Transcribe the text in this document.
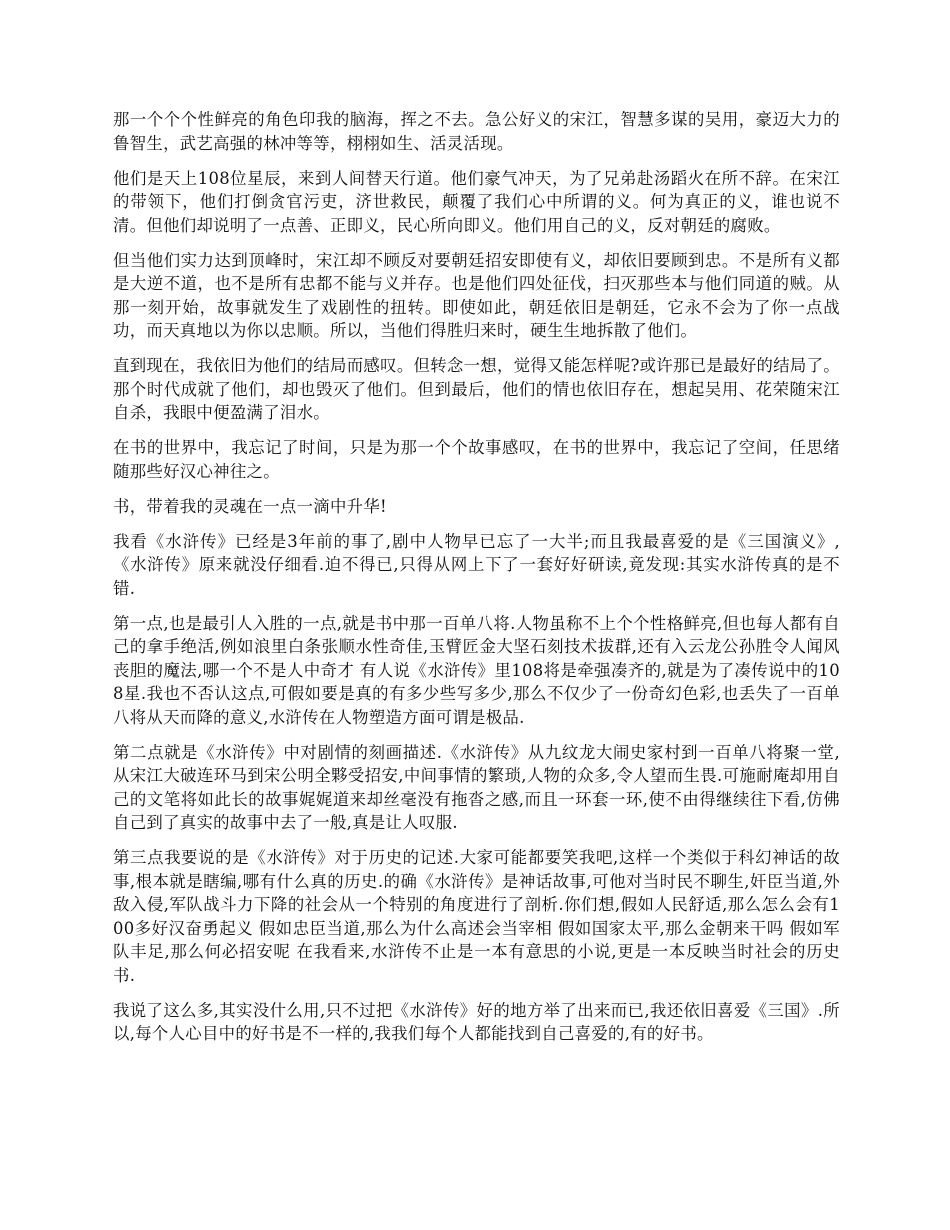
那一个个个性鲜亮的角色印我的脑海，挥之不去。急公好义的宋江，智慧多谋的吴用，豪迈大力的鲁智生，武艺高强的林冲等等，栩栩如生、活灵活现。

他们是天上108位星辰，来到人间替天行道。他们豪气冲天，为了兄弟赴汤蹈火在所不辞。在宋江的带领下，他们打倒贪官污吏，济世救民，颠覆了我们心中所谓的义。何为真正的义，谁也说不清。但他们却说明了一点善、正即义，民心所向即义。他们用自己的义，反对朝廷的腐败。

但当他们实力达到顶峰时，宋江却不顾反对要朝廷招安即使有义，却依旧要顾到忠。不是所有义都是大逆不道，也不是所有忠都不能与义并存。也是他们四处征伐，扫灭那些本与他们同道的贼。从那一刻开始，故事就发生了戏剧性的扭转。即使如此，朝廷依旧是朝廷，它永不会为了你一点战功，而天真地以为你以忠顺。所以，当他们得胜归来时，硬生生地拆散了他们。

直到现在，我依旧为他们的结局而感叹。但转念一想，觉得又能怎样呢?或许那已是最好的结局了。那个时代成就了他们，却也毁灭了他们。但到最后，他们的情也依旧存在，想起吴用、花荣随宋江自杀，我眼中便盈满了泪水。

在书的世界中，我忘记了时间，只是为那一个个故事感叹，在书的世界中，我忘记了空间，任思绪随那些好汉心神往之。

书，带着我的灵魂在一点一滴中升华!

我看《水浒传》已经是3年前的事了,剧中人物早已忘了一大半;而且我最喜爱的是《三国演义》,《水浒传》原来就没仔细看.迫不得已,只得从网上下了一套好好研读,竟发现:其实水浒传真的是不错.

第一点,也是最引人入胜的一点,就是书中那一百单八将.人物虽称不上个个性格鲜亮,但也每人都有自己的拿手绝活,例如浪里白条张顺水性奇佳,玉臂匠金大坚石刻技术拔群,还有入云龙公孙胜令人闻风丧胆的魔法,哪一个不是人中奇才 有人说《水浒传》里108将是牵强凑齐的,就是为了凑传说中的108星.我也不否认这点,可假如要是真的有多少些写多少,那么不仅少了一份奇幻色彩,也丢失了一百单八将从天而降的意义,水浒传在人物塑造方面可谓是极品.

第二点就是《水浒传》中对剧情的刻画描述.《水浒传》从九纹龙大闹史家村到一百单八将聚一堂,从宋江大破连环马到宋公明全夥受招安,中间事情的繁琐,人物的众多,令人望而生畏.可施耐庵却用自己的文笔将如此长的故事娓娓道来却丝毫没有拖沓之感,而且一环套一环,使不由得继续往下看,仿佛自己到了真实的故事中去了一般,真是让人叹服.

第三点我要说的是《水浒传》对于历史的记述.大家可能都要笑我吧,这样一个类似于科幻神话的故事,根本就是瞎编,哪有什么真的历史.的确《水浒传》是神话故事,可他对当时民不聊生,奸臣当道,外敌入侵,军队战斗力下降的社会从一个特别的角度进行了剖析.你们想,假如人民舒适,那么怎么会有100多好汉奋勇起义 假如忠臣当道,那么为什么高述会当宰相 假如国家太平,那么金朝来干吗 假如军队丰足,那么何必招安呢 在我看来,水浒传不止是一本有意思的小说,更是一本反映当时社会的历史书.

我说了这么多,其实没什么用,只不过把《水浒传》好的地方举了出来而已,我还依旧喜爱《三国》.所以,每个人心目中的好书是不一样的,我我们每个人都能找到自己喜爱的,有的好书。
